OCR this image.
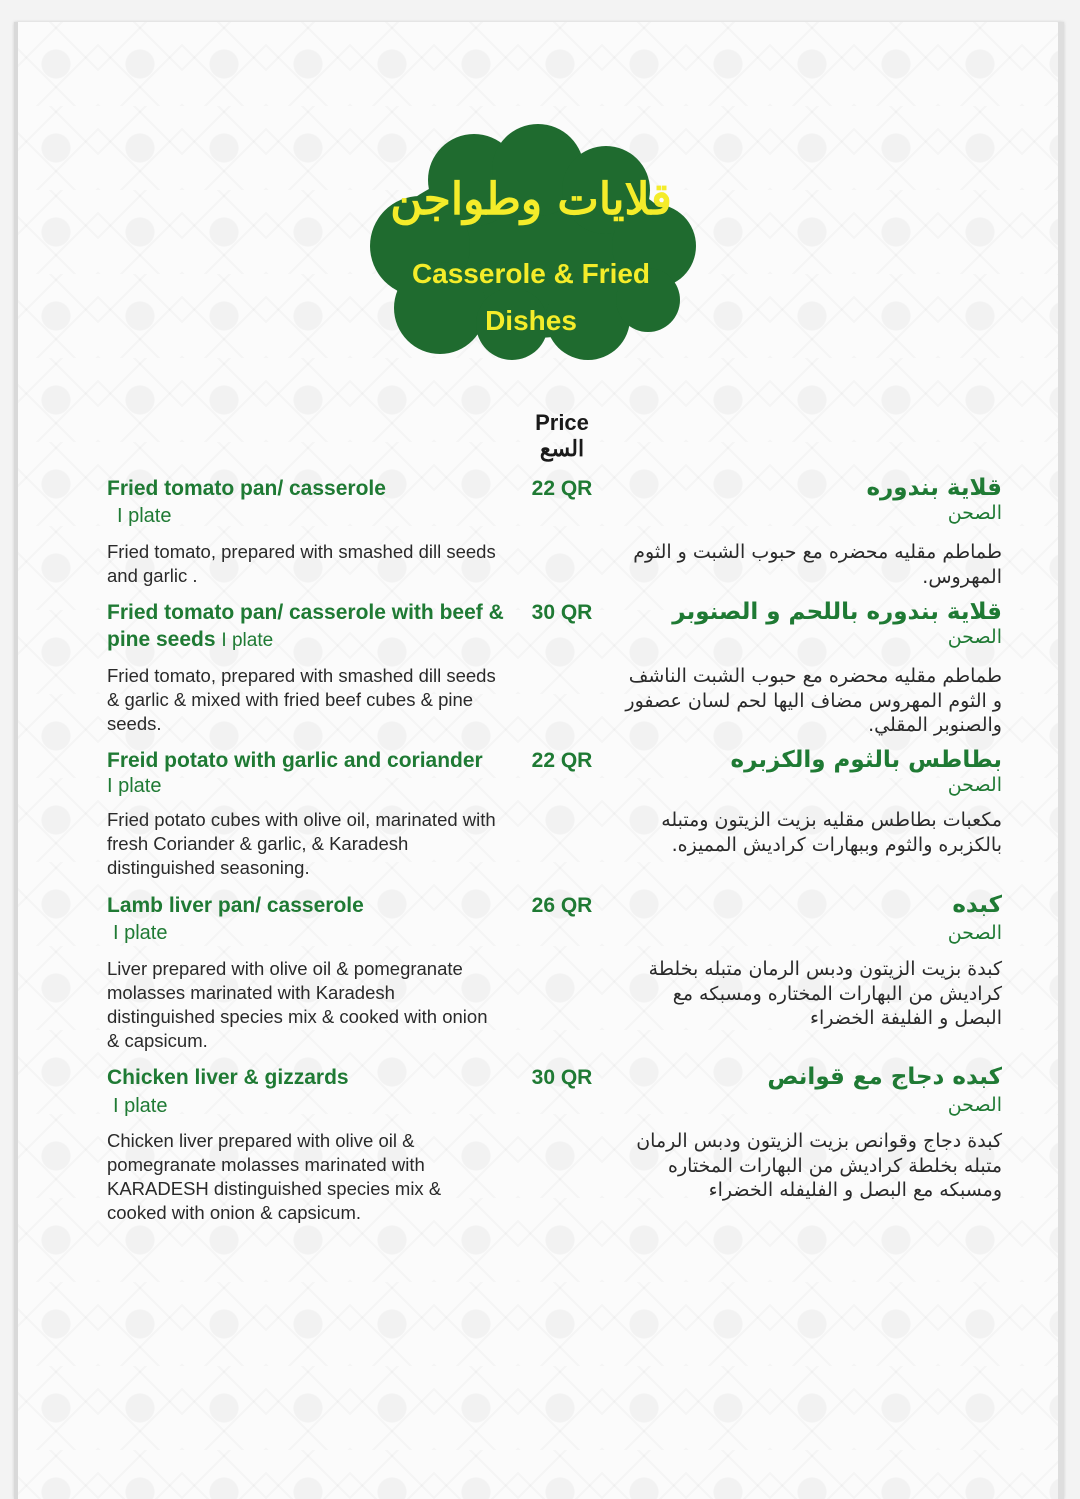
قلايات وطواجن
Casserole & Fried
Dishes
Price
السع
Fried tomato pan/ casserole
I plate
Fried tomato, prepared with smashed dill seeds and garlic .
22 QR	قلاية بندوره
الصحن
طماطم مقليه محضره مع حبوب الشبت و الثوم المهروس.
Fried tomato pan/ casserole with beef & pine seeds I plate
Fried tomato, prepared with smashed dill seeds & garlic & mixed with fried beef cubes & pine seeds.
30 QR	قلاية بندوره باللحم و الصنوبر
الصحن
طماطم مقليه محضره مع حبوب الشبت الناشف و الثوم المهروس مضاف اليها لحم لسان عصفور والصنوبر المقلي.
Freid potato with garlic and coriander
I plate
Fried potato cubes with olive oil, marinated with fresh Coriander & garlic, & Karadesh distinguished seasoning.
22 QR	بطاطس بالثوم والكزبره
الصحن
مكعبات بطاطس مقليه بزيت الزيتون ومتبله بالكزبره والثوم وببهارات كراديش المميزه.
Lamb liver pan/ casserole
I plate
Liver prepared with olive oil & pomegranate molasses marinated with Karadesh distinguished species mix & cooked with onion & capsicum.
26 QR	كبده
الصحن
كبدة بزيت الزيتون ودبس الرمان متبله بخلطة كراديش من البهارات المختاره ومسبكه مع البصل و الفليفة الخضراء
Chicken liver & gizzards
I plate
Chicken liver prepared with olive oil & pomegranate molasses marinated with KARADESH distinguished species mix & cooked with onion & capsicum.
30 QR	كبده دجاج مع قوانص
الصحن
كبدة دجاج وقوانص بزيت الزيتون ودبس الرمان متبله بخلطة كراديش من البهارات المختاره ومسبكه مع البصل و الفليفله الخضراء
